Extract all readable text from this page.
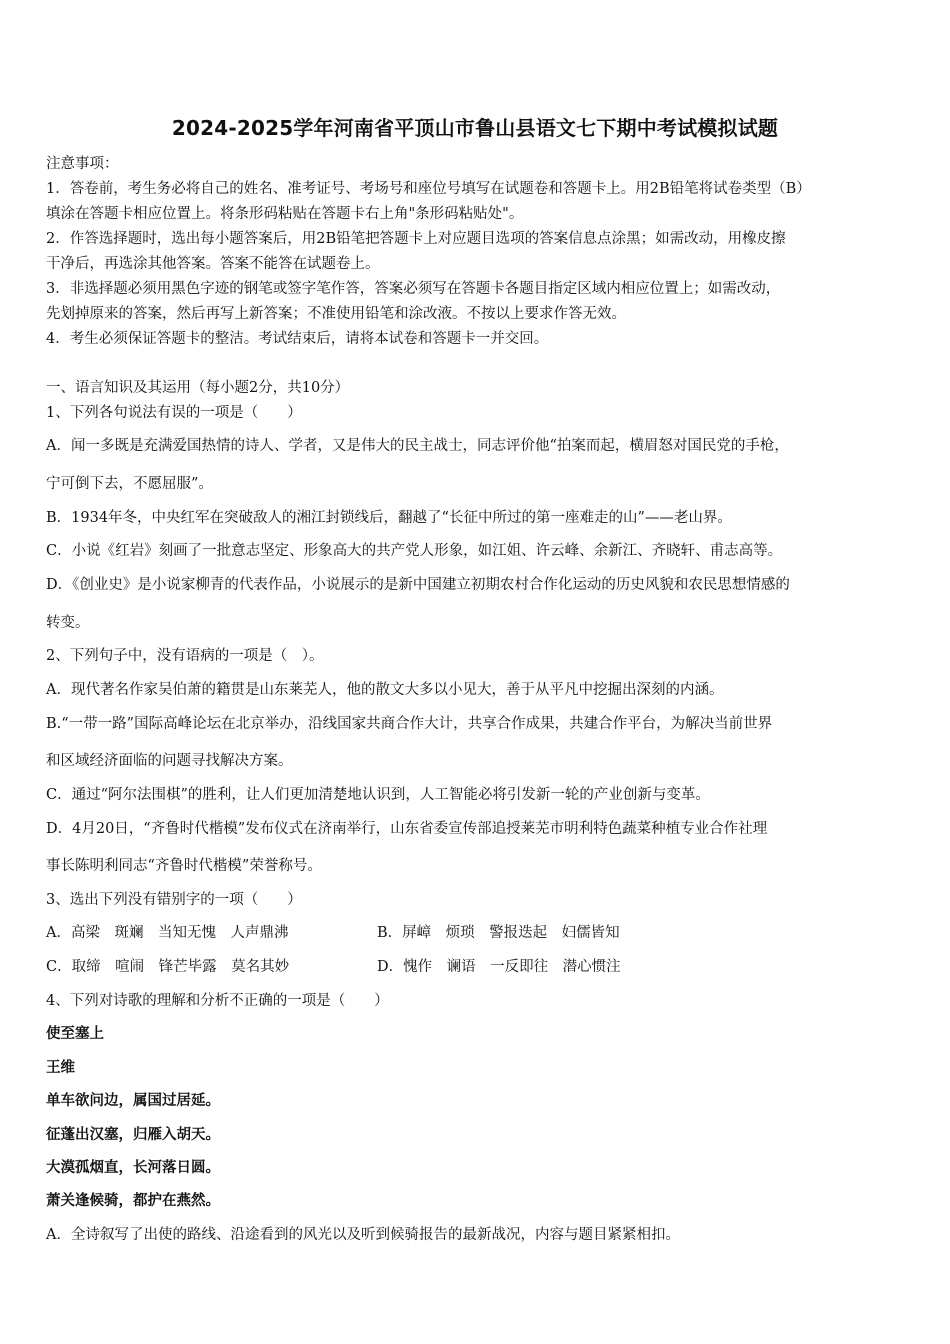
2024-2025学年河南省平顶山市鲁山县语文七下期中考试模拟试题
注意事项：
1．答卷前，考生务必将自己的姓名、准考证号、考场号和座位号填写在试题卷和答题卡上。用2B铅笔将试卷类型（B）
填涂在答题卡相应位置上。将条形码粘贴在答题卡右上角"条形码粘贴处"。
2．作答选择题时，选出每小题答案后，用2B铅笔把答题卡上对应题目选项的答案信息点涂黑；如需改动，用橡皮擦
干净后，再选涂其他答案。答案不能答在试题卷上。
3．非选择题必须用黑色字迹的钢笔或签字笔作答，答案必须写在答题卡各题目指定区域内相应位置上；如需改动，
先划掉原来的答案，然后再写上新答案；不准使用铅笔和涂改液。不按以上要求作答无效。
4．考生必须保证答题卡的整洁。考试结束后，请将本试卷和答题卡一并交回。
一、语言知识及其运用（每小题2分，共10分）
1、下列各句说法有误的一项是（　　）
A．闻一多既是充满爱国热情的诗人、学者，又是伟大的民主战士，同志评价他“拍案而起，横眉怒对国民党的手枪，
宁可倒下去，不愿屈服”。
B．1934年冬，中央红军在突破敌人的湘江封锁线后，翻越了“长征中所过的第一座难走的山”——老山界。
C．小说《红岩》刻画了一批意志坚定、形象高大的共产党人形象，如江姐、许云峰、余新江、齐晓轩、甫志高等。
D．《创业史》是小说家柳青的代表作品，小说展示的是新中国建立初期农村合作化运动的历史风貌和农民思想情感的
转变。
2、下列句子中，没有语病的一项是（　）。
A．现代著名作家吴伯萧的籍贯是山东莱芜人，他的散文大多以小见大，善于从平凡中挖掘出深刻的内涵。
B.“一带一路”国际高峰论坛在北京举办，沿线国家共商合作大计，共享合作成果，共建合作平台，为解决当前世界
和区域经济面临的问题寻找解决方案。
C．通过“阿尔法围棋”的胜利，让人们更加清楚地认识到，人工智能必将引发新一轮的产业创新与变革。
D．4月20日，“齐鲁时代楷模”发布仪式在济南举行，山东省委宣传部追授莱芜市明利特色蔬菜种植专业合作社理
事长陈明利同志“齐鲁时代楷模”荣誉称号。
3、选出下列没有错别字的一项（　　）
A．高梁　斑斓　当知无愧　人声鼎沸	B．屏嶂　烦琐　警报迭起　妇儒皆知
C．取缔　喧闹　锋芒毕露　莫名其妙	D．愧作　谰语　一反即往　潜心惯注
4、下列对诗歌的理解和分析不正确的一项是（　　）
使至塞上
王维
单车欲问边，属国过居延。
征蓬出汉塞，归雁入胡天。
大漠孤烟直，长河落日圆。
萧关逢候骑，都护在燕然。
A．全诗叙写了出使的路线、沿途看到的风光以及听到候骑报告的最新战况，内容与题目紧紧相扣。
